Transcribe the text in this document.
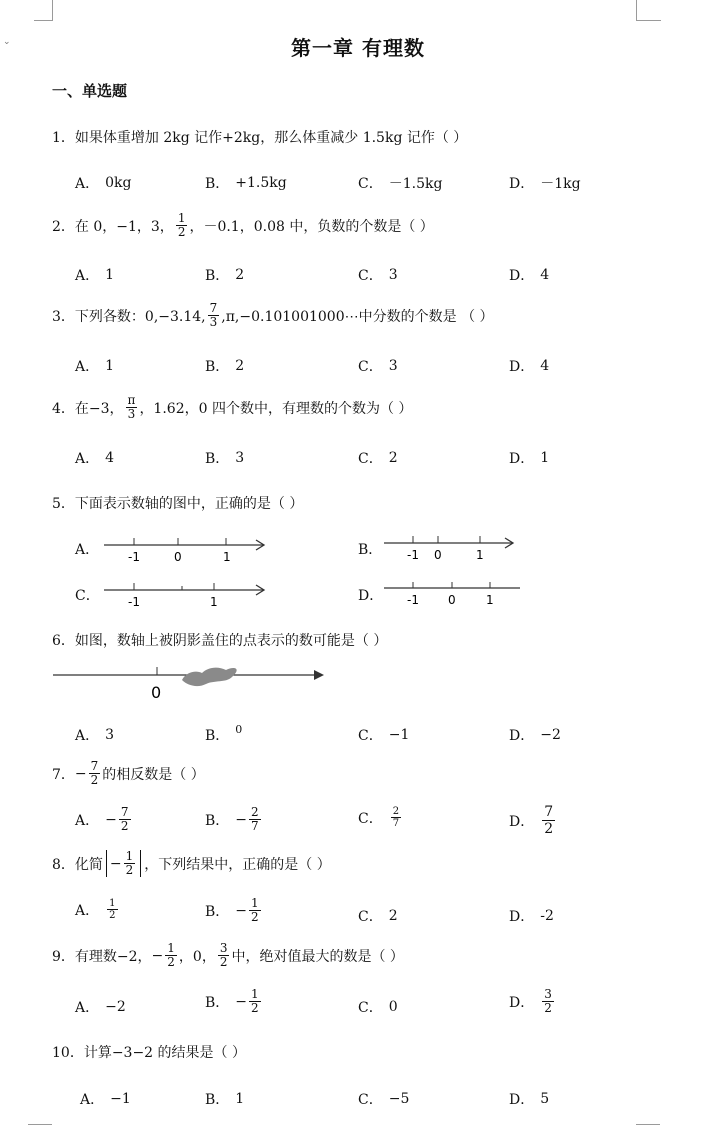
⌄	第一章 有理数
一、单选题
1．如果体重增加 2kg 记作+2kg，那么体重减少 1.5kg 记作（ ）
A． 0kg	B． +1.5kg	C． －1.5kg	D． －1kg
2．在 0，−1，3， $\frac{1}{2}$ ，－0.1，0.08 中，负数的个数是（ ）
A． 1	B． 2	C． 3	D． 4
3．下列各数：0,−3.14, $\frac{7}{3}$ ,π,−0.101001000⋯中分数的个数是 （ ）
A． 1	B． 2	C． 3	D． 4
4．在−3， $\frac{\pi}{3}$ ，1.62，0 四个数中，有理数的个数为（ ）
A． 4	B． 3	C． 2	D． 1
5．下面表示数轴的图中，正确的是（ ）
A． -1	0	1	B． -1 0	1
C． -1	1	D． -1 0	1
6．如图，数轴上被阴影盖住的点表示的数可能是（ ）
0
A． 3	B． 0	C． −1	D． −2
7． − $\frac{7}{2}$ 的相反数是（ ）
A． − $\frac{7}{2}$	B． − $\frac{2}{7}$	C． $\frac{2}{7}$	D． $\frac{7}{2}$
8．化简 − $\frac{1}{2}$ ，下列结果中，正确的是（ ）
A． $\frac{1}{2}$	B． − $\frac{1}{2}$	C． 2	D． -2
9．有理数−2， − $\frac{1}{2}$ ，0， $\frac{3}{2}$ 中，绝对值最大的数是（ ）
A． −2	B． − $\frac{1}{2}$	C． 0	D． $\frac{3}{2}$
10．计算−3−2 的结果是（ ）
A． −1	B． 1	C． −5	D． 5
